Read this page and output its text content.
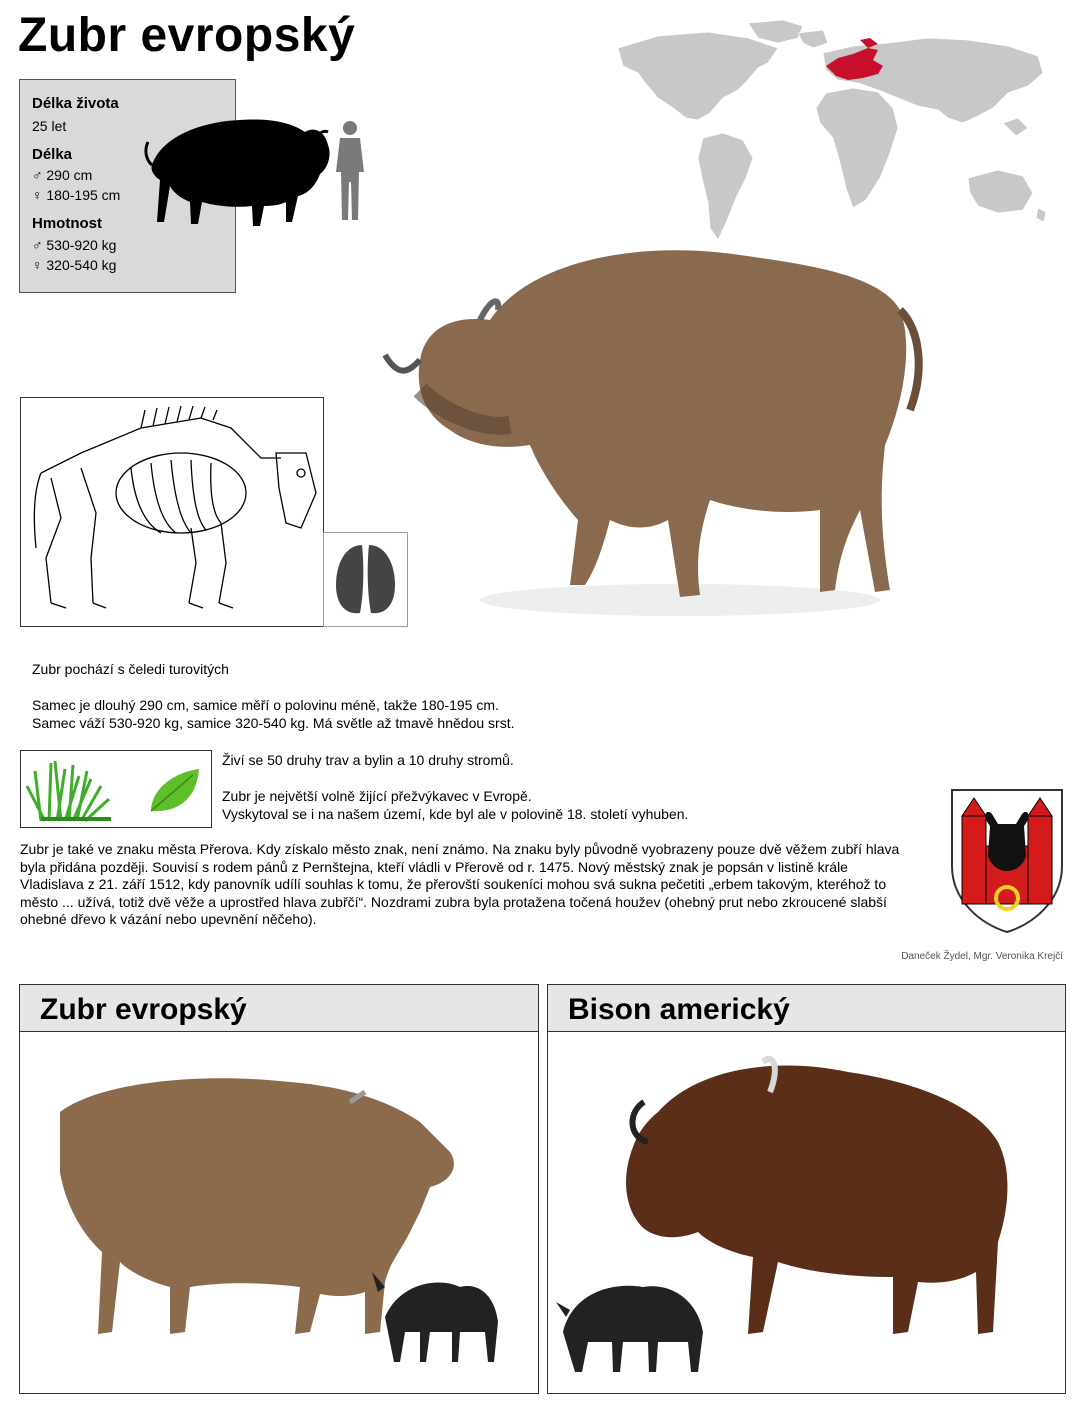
Zubr evropský
Délka života
25 let
Délka
♂ 290 cm
♀ 180-195 cm
Hmotnost
♂ 530-920 kg
♀ 320-540 kg
Zubr pochází s čeledi turovitých
Samec je dlouhý 290 cm, samice měří o polovinu méně, takže 180-195 cm.
Samec váží 530-920 kg, samice 320-540 kg. Má světle až tmavě hnědou srst.
Živí se 50 druhy trav a bylin a 10 druhy stromů.
Zubr je největší volně žijící přežvýkavec v Evropě.
Vyskytoval se i na našem území, kde byl ale v polovině 18. století vyhuben.
Zubr je také ve znaku města Přerova. Kdy získalo město znak, není známo. Na znaku byly původně vyobrazeny pouze dvě věžem zubří hlava byla přidána později. Souvisí s rodem pánů z Pernštejna, kteří vládli v Přerově od r. 1475. Nový městský znak je popsán v listině krále Vladislava z 21. září 1512, kdy panovník udílí souhlas k tomu, že přerovští soukeníci mohou svá sukna pečetiti „erbem takovým, kteréhož to město ... užívá, totiž dvě věže a uprostřed hlava zubřčí“. Nozdrami zubra byla protažena točená houžev (ohebný prut nebo zkroucené slabší ohebné dřevo k vázání nebo upevnění něčeho).
Daneček Žydel, Mgr. Veronika Krejčí
Zubr evropský	Bison americký
